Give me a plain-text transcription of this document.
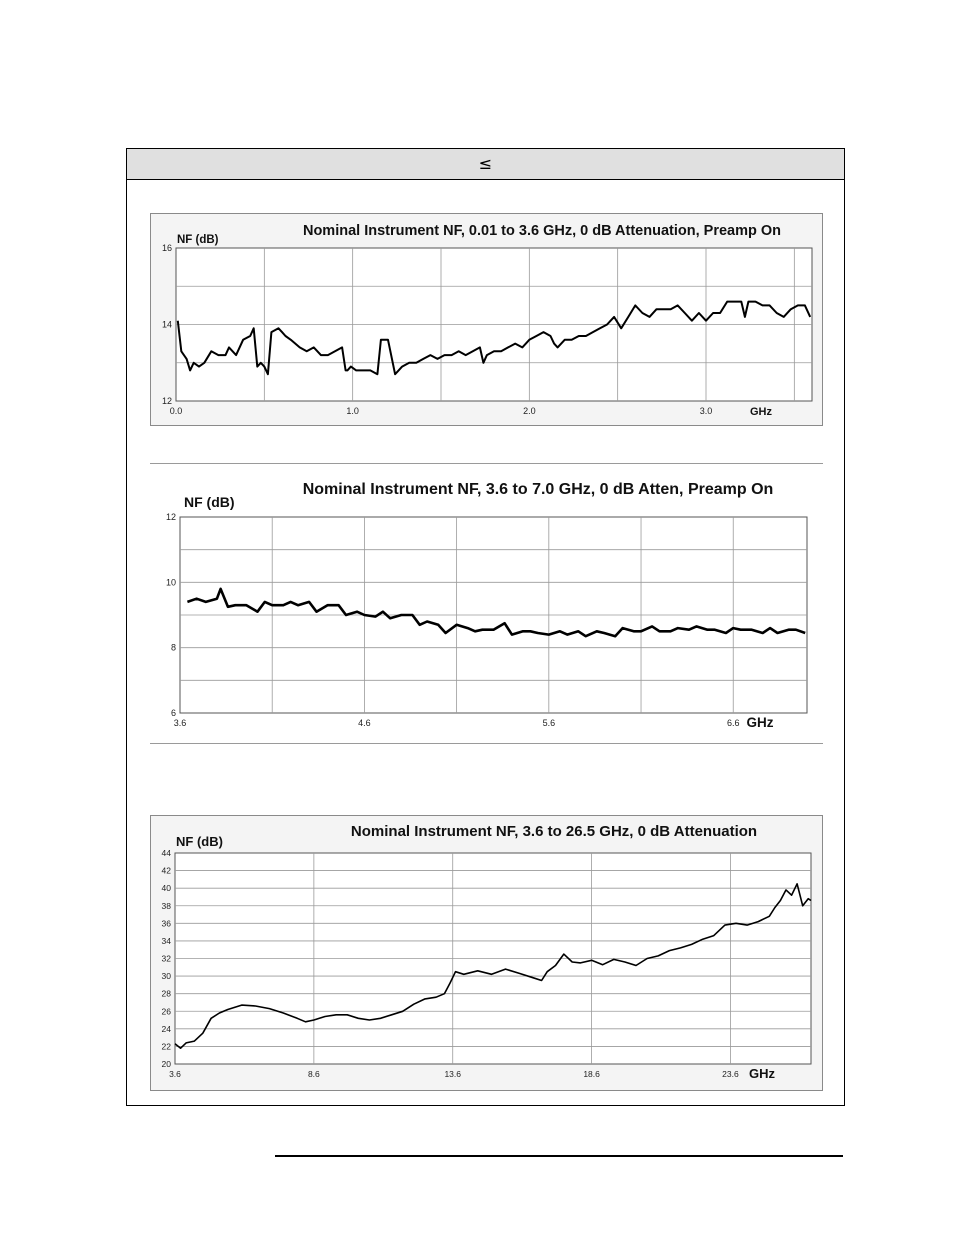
≤
Nominal Instrument NF, 0.01 to 3.6 GHz, 0 dB Attenuation, Preamp On
NF (dB)
12
14
16
0.0	1.0	2.0	3.0	GHz
Nominal Instrument NF, 3.6 to 7.0 GHz, 0 dB Atten, Preamp On
NF (dB)
6
8
10
12
3.6	4.6	5.6	6.6 GHz
Nominal Instrument NF, 3.6 to 26.5 GHz, 0 dB Attenuation
NF (dB)
20
22
24
26
28
30
32
34
36
38
40
42
44
3.6	8.6	13.6	18.6	23.6 GHz
